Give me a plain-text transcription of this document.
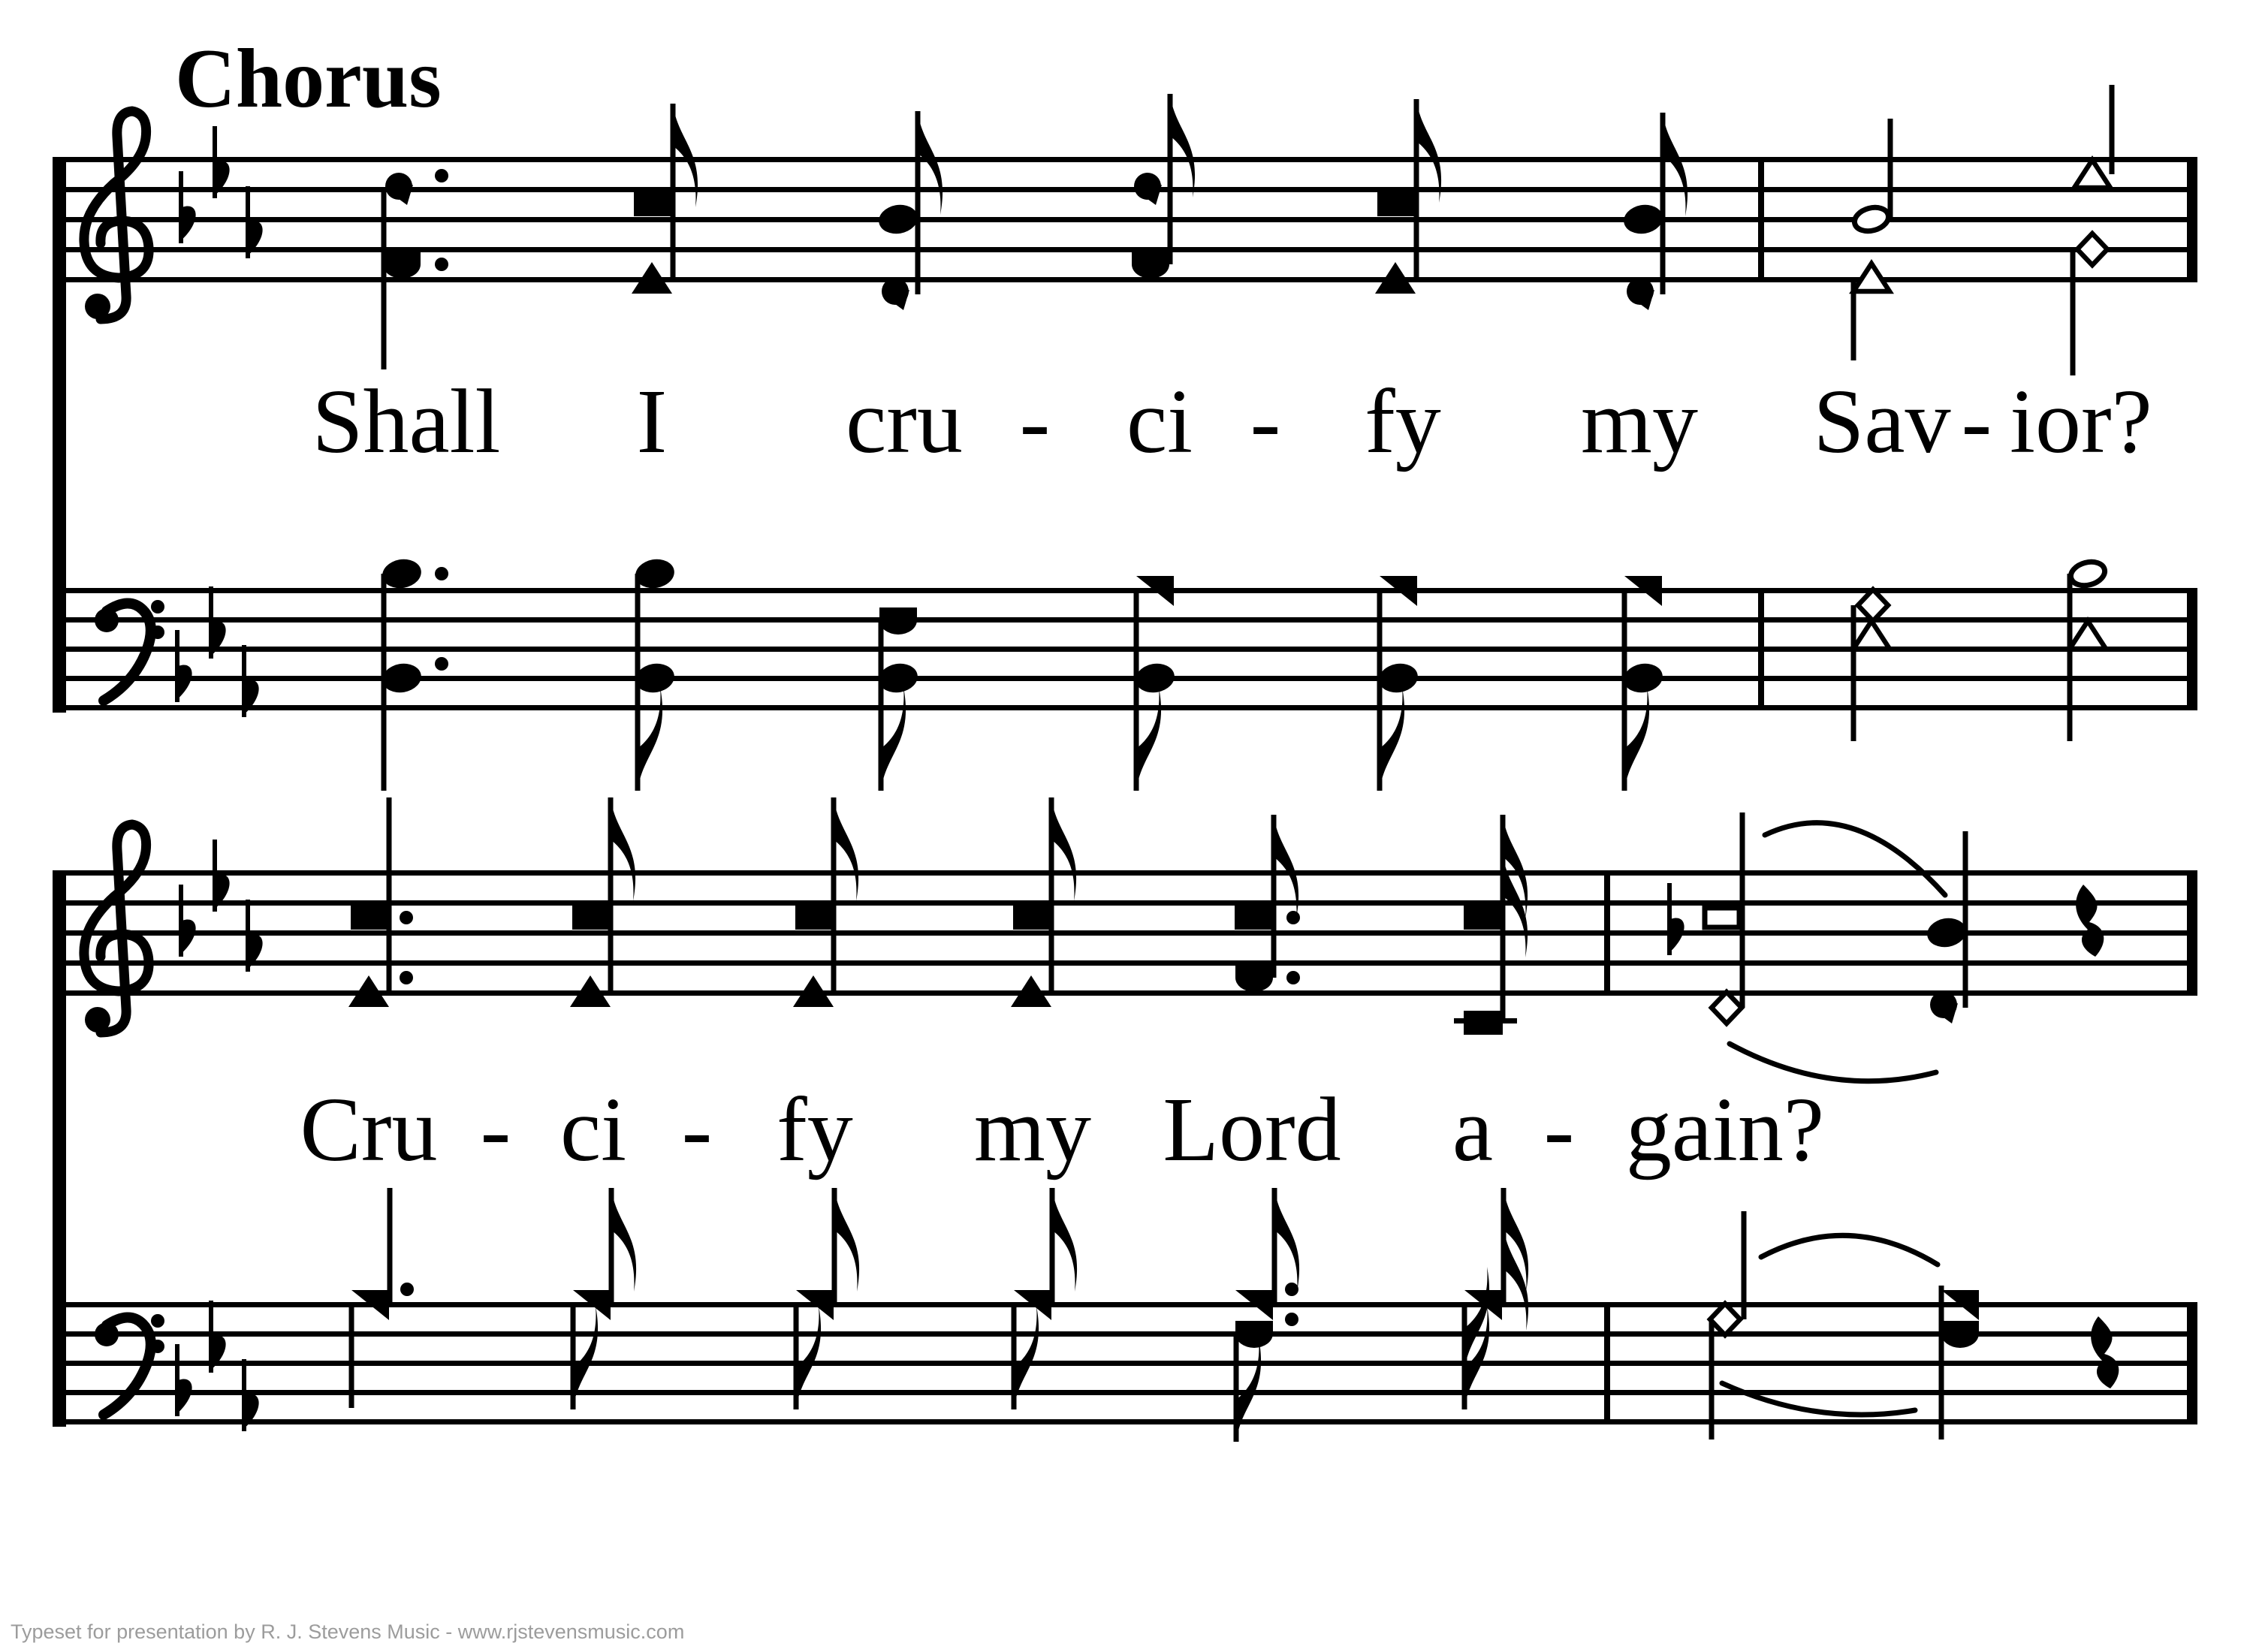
Shall I cru - ci - fy my Sav - ior?
Cru - ci - fy my Lord a - gain?
Chorus
Typeset for presentation by R. J. Stevens Music - www.rjstevensmusic.com
